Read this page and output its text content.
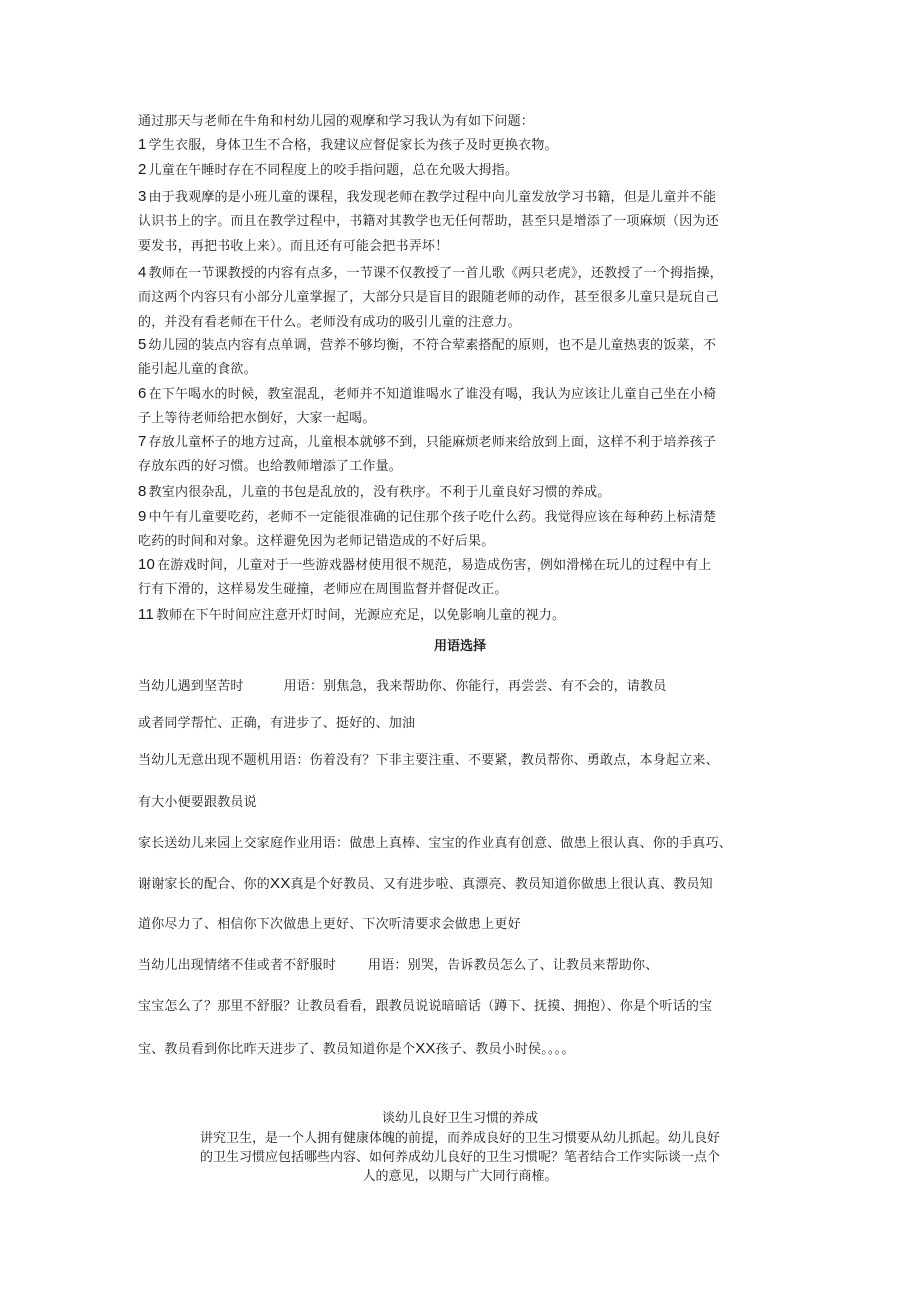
通过那天与老师在牛角和村幼儿园的观摩和学习我认为有如下问题：
1 学生衣服，身体卫生不合格，我建议应督促家长为孩子及时更换衣物。
2 儿童在午睡时存在不同程度上的咬手指问题，总在允吸大拇指。
3 由于我观摩的是小班儿童的课程，我发现老师在教学过程中向儿童发放学习书籍，但是儿童并不能
认识书上的字。而且在教学过程中，书籍对其教学也无任何帮助，甚至只是增添了一项麻烦（因为还
要发书，再把书收上来）。而且还有可能会把书弄坏！
4 教师在一节课教授的内容有点多，一节课不仅教授了一首儿歌《两只老虎》，还教授了一个拇指操，
而这两个内容只有小部分儿童掌握了，大部分只是盲目的跟随老师的动作，甚至很多儿童只是玩自己
的，并没有看老师在干什么。老师没有成功的吸引儿童的注意力。
5 幼儿园的装点内容有点单调，营养不够均衡，不符合荤素搭配的原则，也不是儿童热衷的饭菜，不
能引起儿童的食欲。
6 在下午喝水的时候，教室混乱，老师并不知道谁喝水了谁没有喝，我认为应该让儿童自己坐在小椅
子上等待老师给把水倒好，大家一起喝。
7 存放儿童杯子的地方过高，儿童根本就够不到，只能麻烦老师来给放到上面，这样不利于培养孩子
存放东西的好习惯。也给教师增添了工作量。
8 教室内很杂乱，儿童的书包是乱放的，没有秩序。不利于儿童良好习惯的养成。
9 中午有儿童要吃药，老师不一定能很准确的记住那个孩子吃什么药。我觉得应该在每种药上标清楚
吃药的时间和对象。这样避免因为老师记错造成的不好后果。
10 在游戏时间，儿童对于一些游戏器材使用很不规范，易造成伤害，例如滑梯在玩儿的过程中有上
行有下滑的，这样易发生碰撞，老师应在周围监督并督促改正。
11 教师在下午时间应注意开灯时间，光源应充足，以免影响儿童的视力。
用语选择
当幼儿遇到坚苦时	用语：别焦急，我来帮助你、你能行，再尝尝、有不会的，请教员
或者同学帮忙、正确，有进步了、挺好的、加油
当幼儿无意出现不题机用语：伤着没有？下非主要注重、不要紧，教员帮你、勇敢点，本身起立来、
有大小便要跟教员说
家长送幼儿来园上交家庭作业用语：做患上真棒、宝宝的作业真有创意、做患上很认真、你的手真巧、
谢谢家长的配合、你的XX真是个好教员、又有进步啦、真漂亮、教员知道你做患上很认真、教员知
道你尽力了、相信你下次做患上更好、下次听清要求会做患上更好
当幼儿出现情绪不佳或者不舒服时 用语：别哭，告诉教员怎么了、让教员来帮助你、
宝宝怎么了？那里不舒服？让教员看看，跟教员说说暗暗话（蹲下、抚摸、拥抱）、你是个听话的宝
宝、教员看到你比昨天进步了、教员知道你是个XX孩子、教员小时侯。。。。
谈幼儿良好卫生习惯的养成
讲究卫生，是一个人拥有健康体魄的前提，而养成良好的卫生习惯要从幼儿抓起。幼儿良好
的卫生习惯应包括哪些内容、如何养成幼儿良好的卫生习惯呢？笔者结合工作实际谈一点个
人的意见，以期与广大同行商榷。
